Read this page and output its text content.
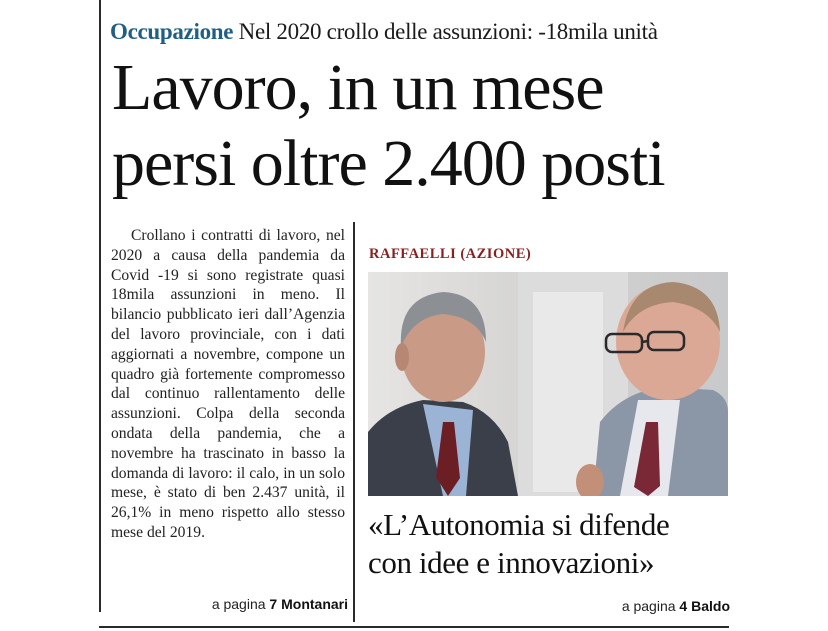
Occupazione Nel 2020 crollo delle assunzioni: -18mila unità
Lavoro, in un mese
persi oltre 2.400 posti
Crollano i contratti di lavoro, nel 2020 a causa della pandemia da Covid -19 si sono registrate quasi 18mila assunzioni in meno. Il bilancio pubblicato ieri dall’Agenzia del lavoro provinciale, con i dati aggiornati a novembre, compone un quadro già fortemente compromesso dal continuo rallentamento delle assunzioni. Colpa della seconda ondata della pandemia, che a novembre ha trascinato in basso la domanda di lavoro: il calo, in un solo mese, è stato di ben 2.437 unità, il 26,1% in meno rispetto allo stesso mese del 2019.
a pagina 7 Montanari
RAFFAELLI (AZIONE)
«L’Autonomia si difende
con idee e innovazioni»
a pagina 4 Baldo
